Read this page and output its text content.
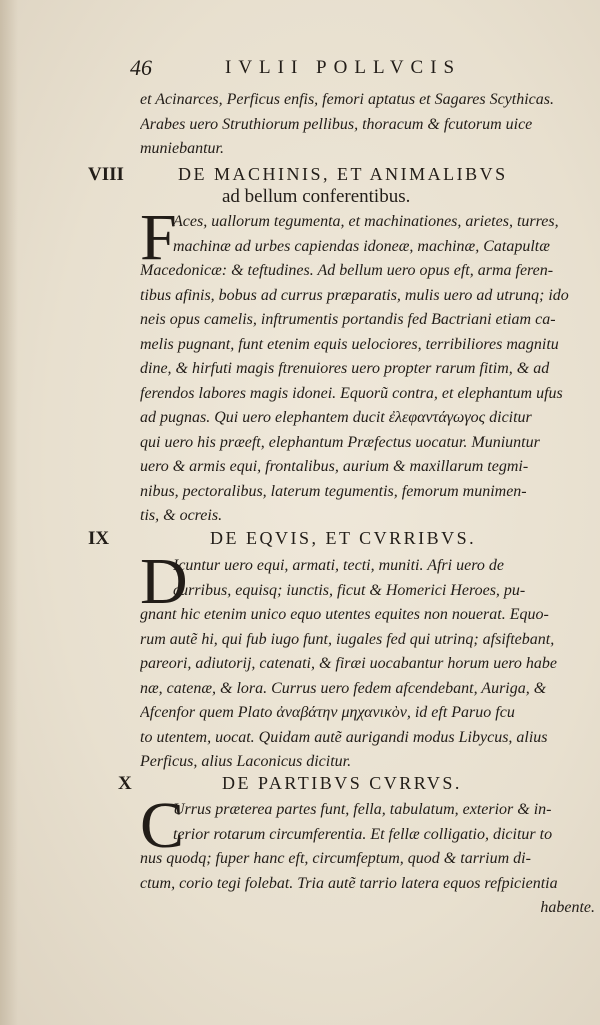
46	IVLII POLLVCIS
et Acinarces, Perficus enfis, femori aptatus et Sagares Scythicas.
Arabes uero Struthiorum pellibus, thoracum & fcutorum uice
muniebantur.
VIII	DE MACHINIS, ET ANIMALIBVS
ad bellum conferentibus.
F
Aces, uallorum tegumenta, et machinationes, arietes, turres,
machinæ ad urbes capiendas idoneæ, machinæ, Catapultæ
Macedonicæ: & teftudines. Ad bellum uero opus eft, arma feren-
tibus afinis, bobus ad currus præparatis, mulis uero ad utrunq; ido
neis opus camelis, inftrumentis portandis fed Bactriani etiam ca-
melis pugnant, funt etenim equis uelociores, terribiliores magnitu
dine, & hirfuti magis ftrenuiores uero propter rarum fitim, & ad
ferendos labores magis idonei. Equorũ contra, et elephantum ufus
ad pugnas. Qui uero elephantem ducit ἐλεφαντάγωγος dicitur
qui uero his præeft, elephantum Præfectus uocatur. Muniuntur
uero & armis equi, frontalibus, aurium & maxillarum tegmi-
nibus, pectoralibus, laterum tegumentis, femorum munimen-
tis, & ocreis.
IX	DE EQVIS, ET CVRRIBVS.
D
Icuntur uero equi, armati, tecti, muniti. Afri uero de
curribus, equisq; iunctis, ficut & Homerici Heroes, pu-
gnant hic etenim unico equo utentes equites non nouerat. Equo-
rum autẽ hi, qui fub iugo funt, iugales fed qui utrinq; afsiftebant,
pareori, adiutorij, catenati, & firæi uocabantur horum uero habe
næ, catenæ, & lora. Currus uero fedem afcendebant, Auriga, &
Afcenfor quem Plato ἀναβάτην μηχανικὸν, id eft Paruo fcu
to utentem, uocat. Quidam autẽ aurigandi modus Libycus, alius
Perficus, alius Laconicus dicitur.
X	DE PARTIBVS CVRRVS.
C
Urrus præterea partes funt, fella, tabulatum, exterior & in-
terior rotarum circumferentia. Et fellæ colligatio, dicitur to
nus quodq; fuper hanc eft, circumfeptum, quod & tarrium di-
ctum, corio tegi folebat. Tria autẽ tarrio latera equos refpicientia
habente.
